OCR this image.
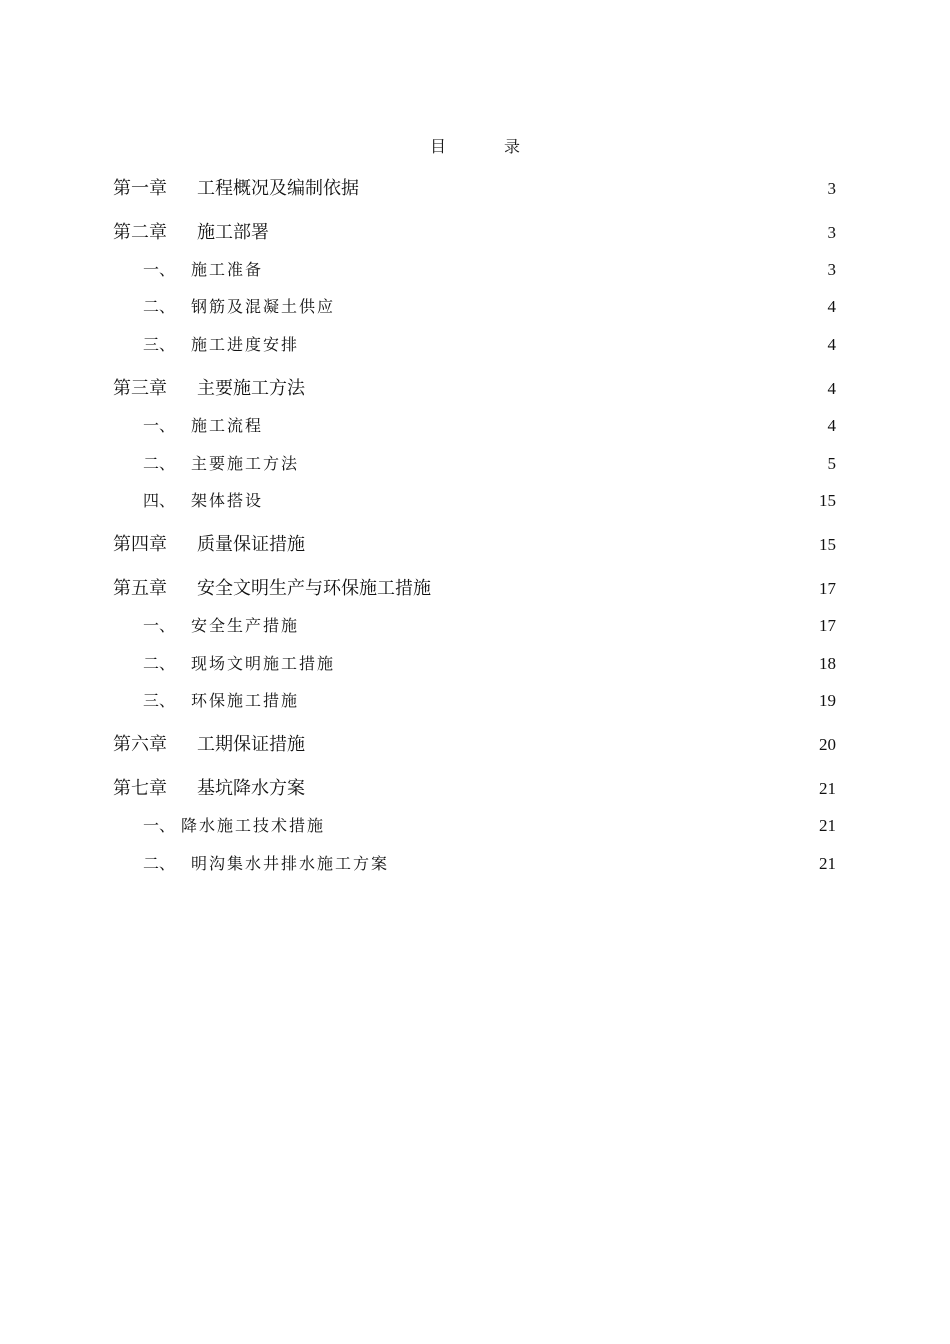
目	录
第一章 工程概况及编制依据	3
第二章 施工部署	3
一、 施工准备	3
二、 钢筋及混凝土供应	4
三、 施工进度安排	4
第三章 主要施工方法	4
一、 施工流程	4
二、 主要施工方法	5
四、 架体搭设	15
第四章 质量保证措施	15
第五章 安全文明生产与环保施工措施	17
一、 安全生产措施	17
二、 现场文明施工措施	18
三、 环保施工措施	19
第六章 工期保证措施	20
第七章 基坑降水方案	21
一、 降水施工技术措施	21
二、 明沟集水井排水施工方案	21
